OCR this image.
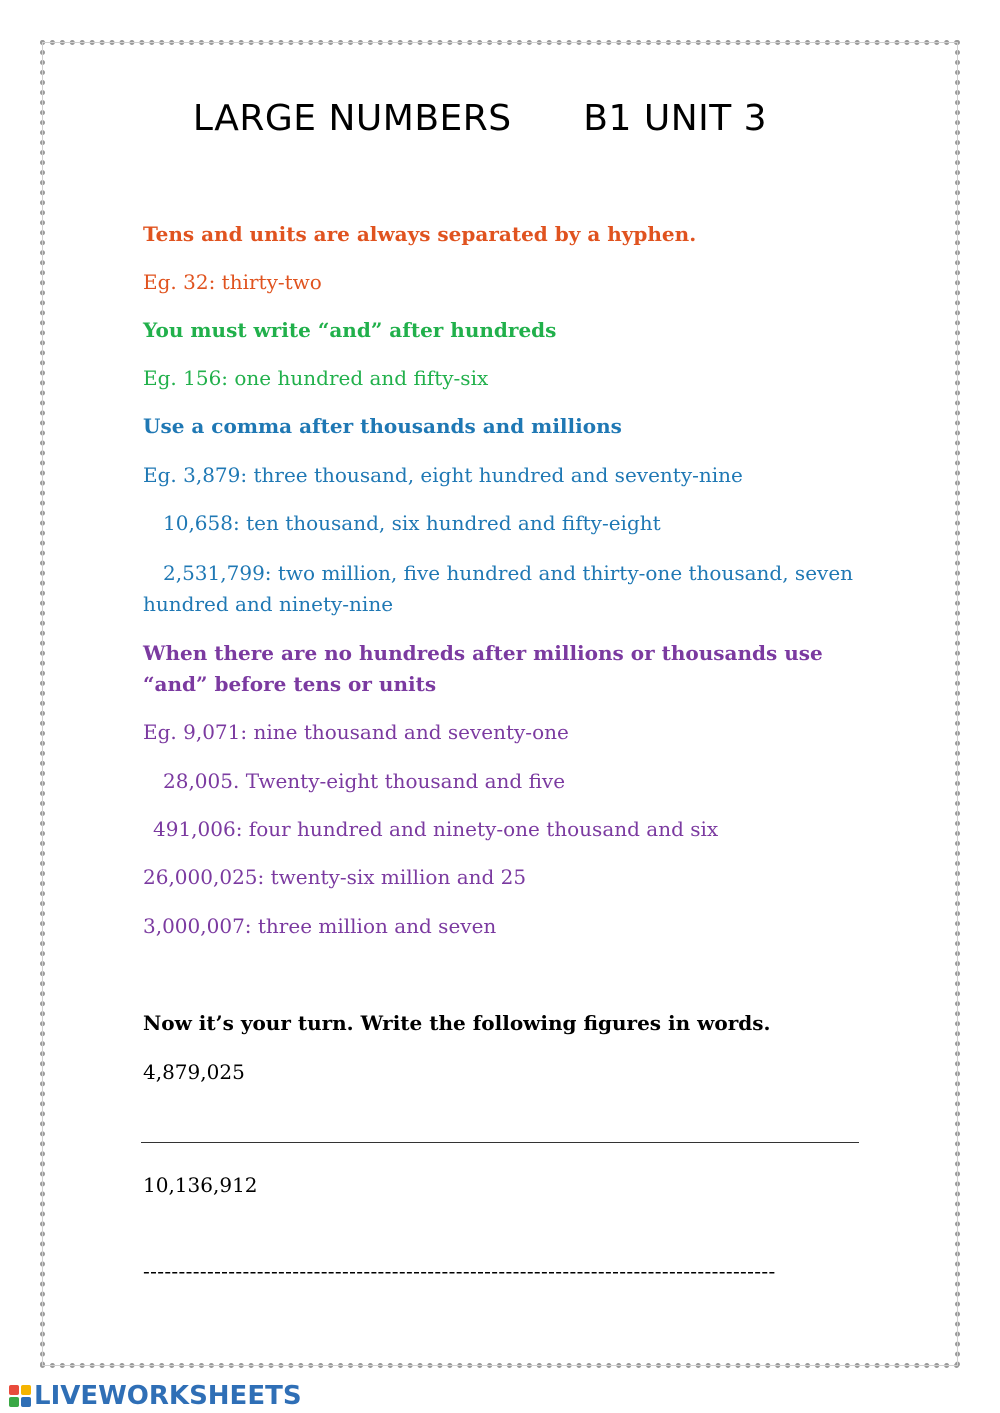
LARGE NUMBERS      B1 UNIT 3
Tens and units are always separated by a hyphen.
Eg. 32: thirty-two
You must write “and” after hundreds
Eg. 156: one hundred and fifty-six
Use a comma after thousands and millions
Eg. 3,879: three thousand, eight hundred and seventy-nine
10,658: ten thousand, six hundred and fifty-eight
2,531,799: two million, five hundred and thirty-one thousand, seven
hundred and ninety-nine
When there are no hundreds after millions or thousands use
“and” before tens or units
Eg. 9,071: nine thousand and seventy-one
28,005. Twenty-eight thousand and five
491,006: four hundred and ninety-one thousand and six
26,000,025: twenty-six million and 25
3,000,007: three million and seven
Now it’s your turn. Write the following figures in words.
4,879,025
10,136,912
-----------------------------------------------------------------------------------------
LIVEWORKSHEETS
